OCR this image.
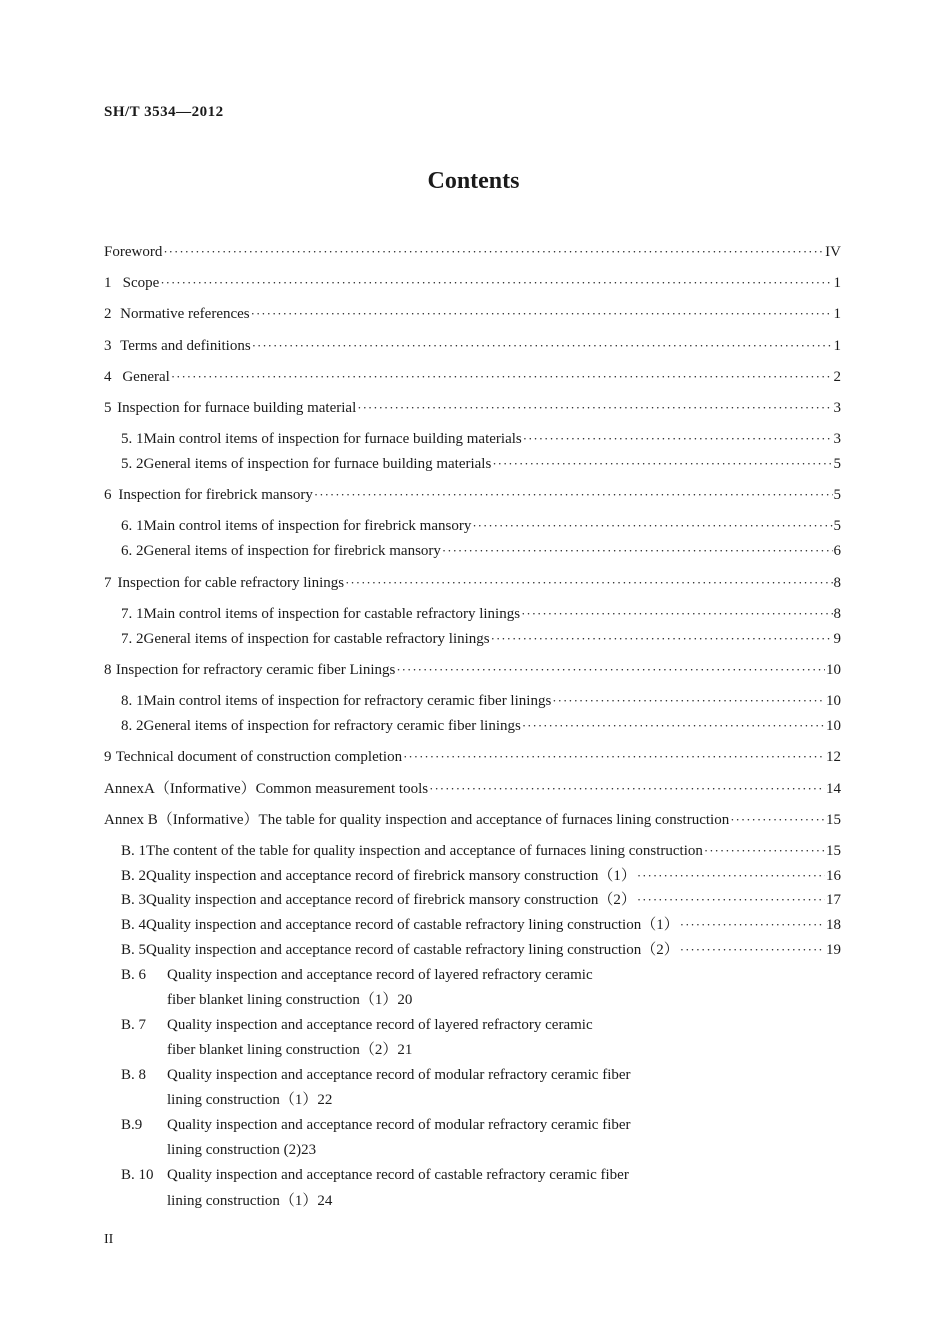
SH/T 3534—2012
Contents
Foreword ·····	IV
1 Scope ·····	1
2 Normative references ·····	1
3 Terms and definitions ·····	1
4 General ·····	2
5 Inspection for furnace building material ·····	3
5. 1 Main control items of inspection for furnace building materials ·····	3
5. 2 General items of inspection for furnace building materials ·····	5
6 Inspection for firebrick mansory ·····	5
6. 1 Main control items of inspection for firebrick mansory ·····	5
6. 2 General items of inspection for firebrick mansory ·····	6
7 Inspection for cable refractory linings ·····	8
7. 1 Main control items of inspection for castable refractory linings ·····	8
7. 2 General items of inspection for castable refractory linings ·····	9
8 Inspection for refractory ceramic fiber Linings ·····	10
8. 1 Main control items of inspection for refractory ceramic fiber linings ·····	10
8. 2 General items of inspection for refractory ceramic fiber linings ·····	10
9 Technical document of construction completion ·····	12
AnnexA（Informative）Common measurement tools ·····	14
Annex B（Informative）The table for quality inspection and acceptance of furnaces lining construction ·····	15
B. 1 The content of the table for quality inspection and acceptance of furnaces lining construction ·····	15
B. 2 Quality inspection and acceptance record of firebrick mansory construction（1） ·····	16
B. 3 Quality inspection and acceptance record of firebrick mansory construction（2） ·····	17
B. 4 Quality inspection and acceptance record of castable refractory lining construction（1） ·····	18
B. 5 Quality inspection and acceptance record of castable refractory lining construction（2） ·····	19
B. 6	Quality inspection and acceptance record of layered refractory ceramic
fiber blanket lining construction（1） 20
B. 7	Quality inspection and acceptance record of layered refractory ceramic
fiber blanket lining construction（2） 21
B. 8	Quality inspection and acceptance record of modular refractory ceramic fiber
lining construction（1） 22
B.9	Quality inspection and acceptance record of modular refractory ceramic fiber
lining construction (2) 23
B. 10 Quality inspection and acceptance record of castable refractory ceramic fiber
lining construction（1） 24
II
